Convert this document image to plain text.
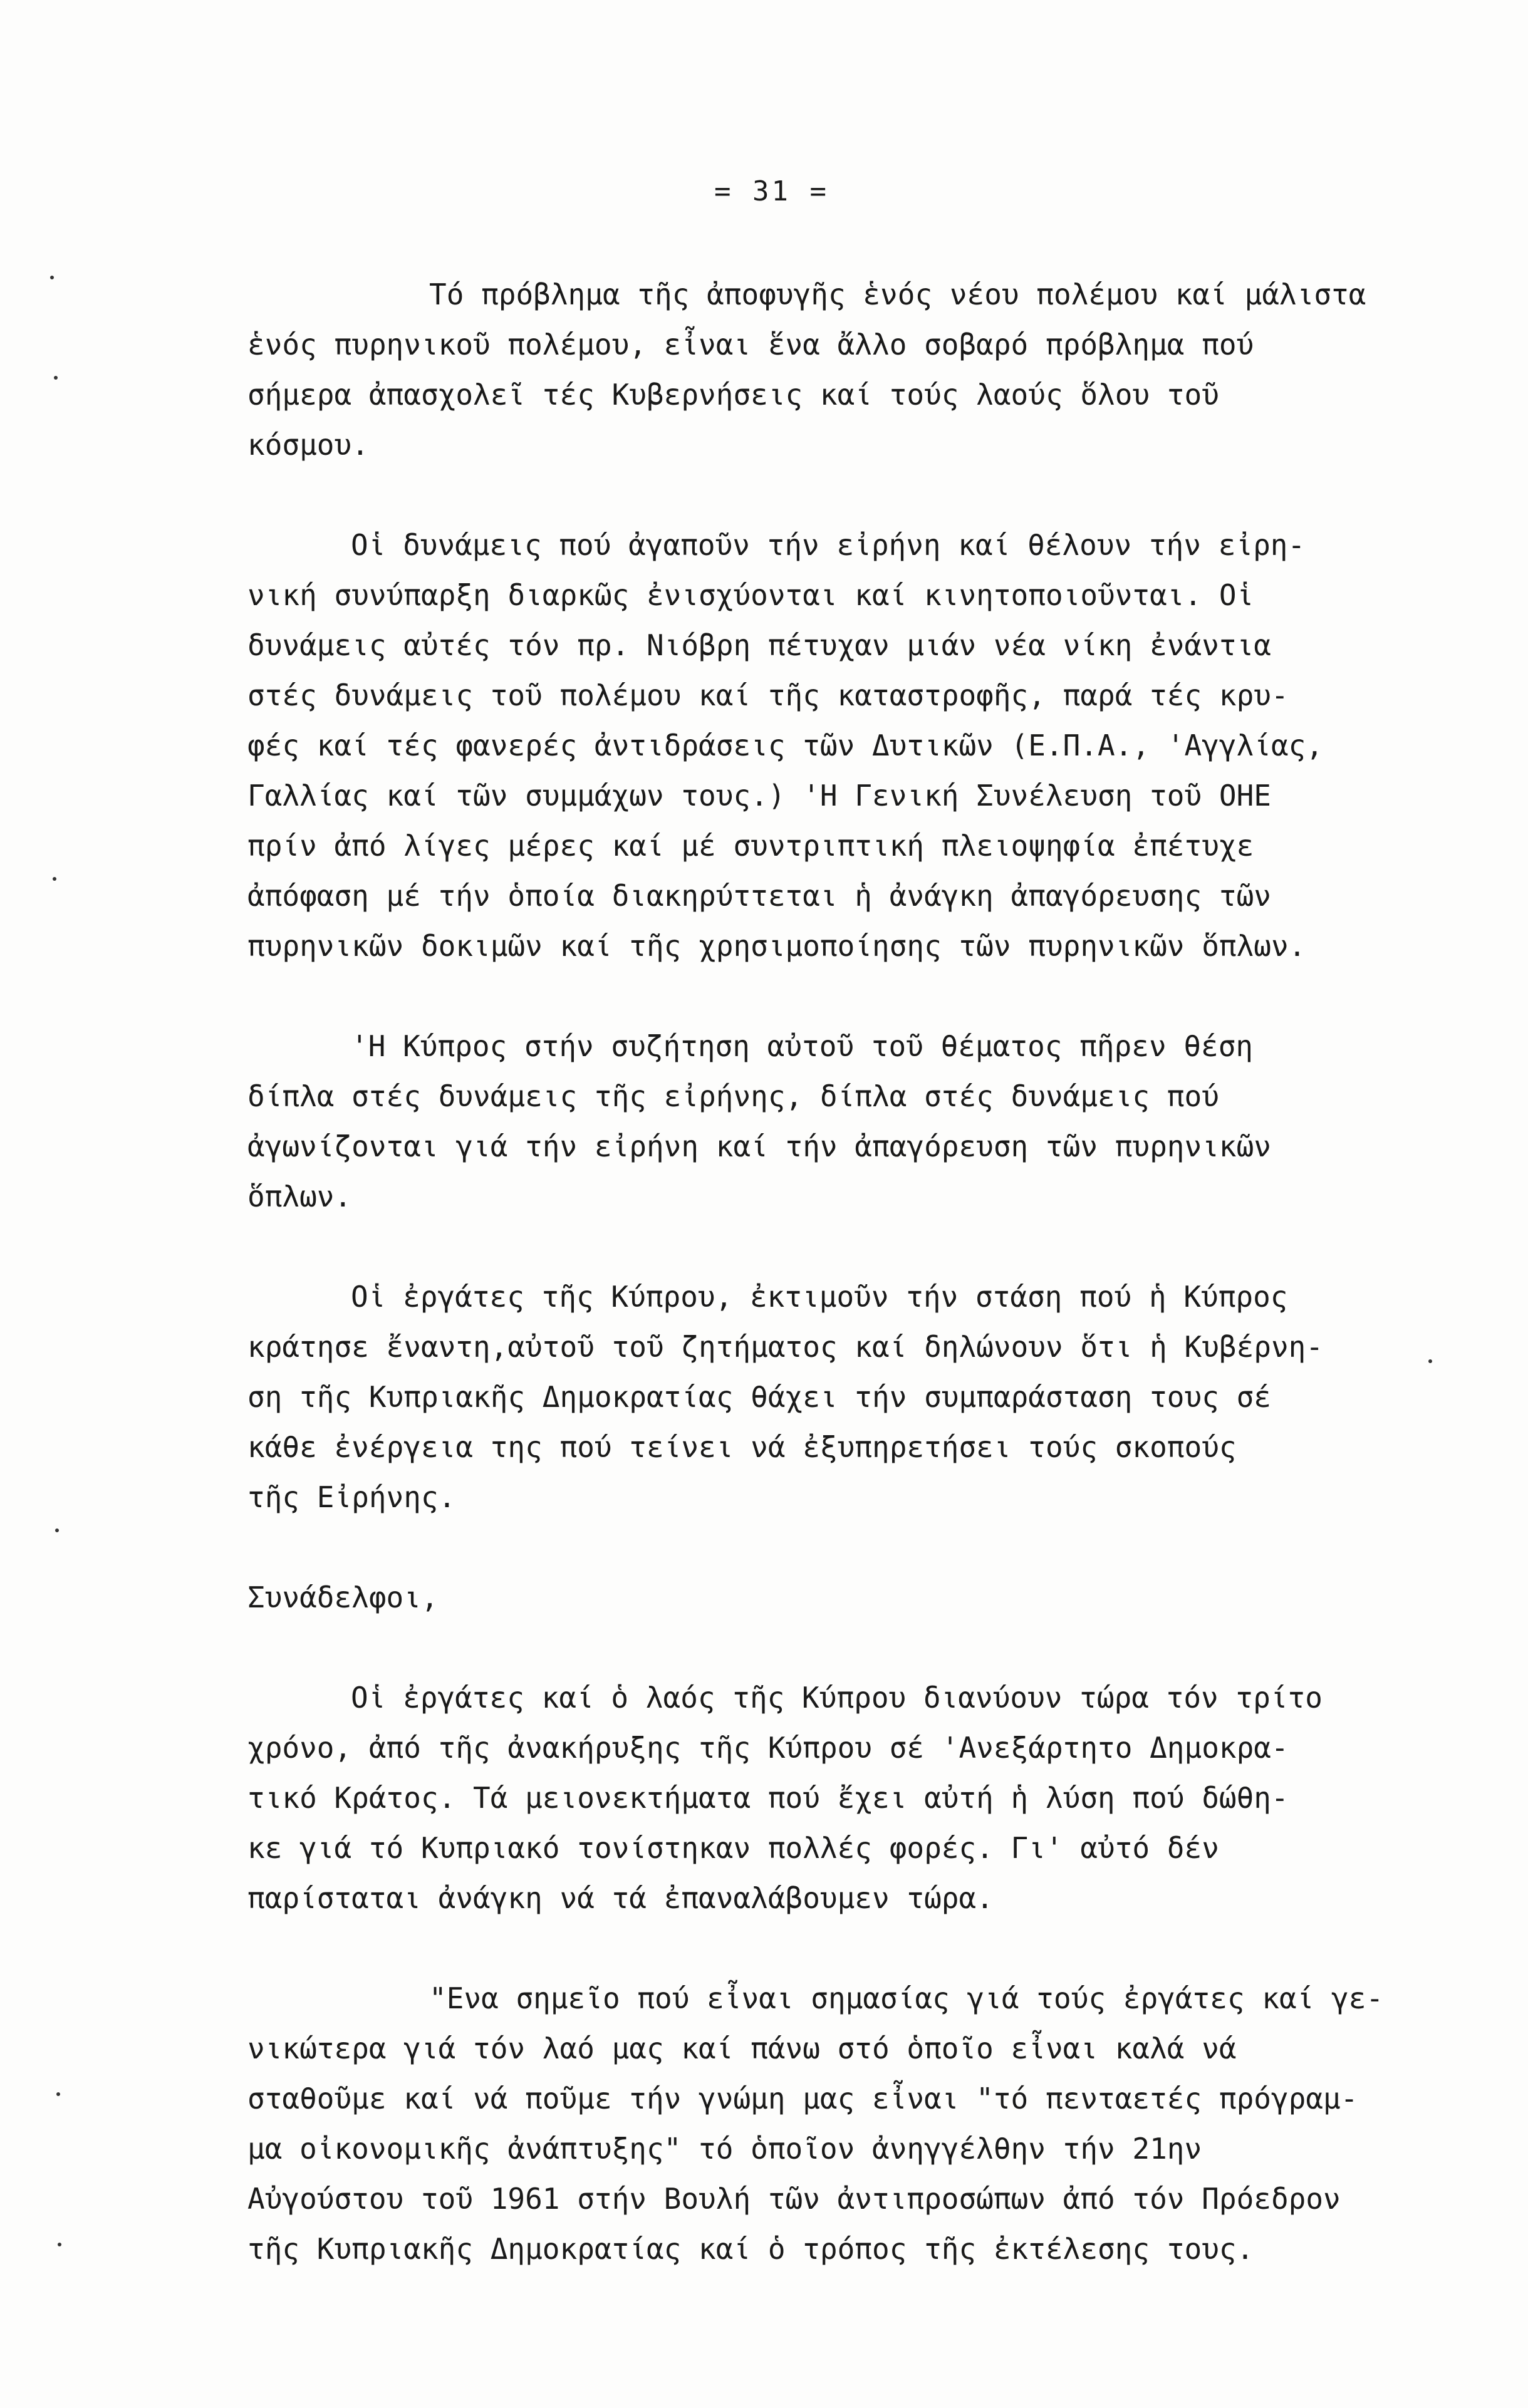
= 31 =
Τό πρόβλημα τῆς ἀποφυγῆς ἑνός νέου πολέμου καί μάλιστα
ἑνός πυρηνικοῦ πολέμου, εἶναι ἕνα ἄλλο σοβαρό πρόβλημα πού
σήμερα ἀπασχολεῖ τές Κυβερνήσεις καί τούς λαούς ὅλου τοῦ
κόσμου.
Οἱ δυνάμεις πού ἀγαποῦν τήν εἰρήνη καί θέλουν τήν εἰρη-
νική συνύπαρξη διαρκῶς ἐνισχύονται καί κινητοποιοῦνται. Οἱ
δυνάμεις αὐτές τόν πρ. Νιόβρη πέτυχαν μιάν νέα νίκη ἐνάντια
στές δυνάμεις τοῦ πολέμου καί τῆς καταστροφῆς, παρά τές κρυ-
φές καί τές φανερές ἀντιδράσεις τῶν Δυτικῶν (Ε.Π.Α., 'Αγγλίας,
Γαλλίας καί τῶν συμμάχων τους.) 'Η Γενική Συνέλευση τοῦ ΟΗΕ
πρίν ἀπό λίγες μέρες καί μέ συντριπτική πλειοψηφία ἐπέτυχε
ἀπόφαση μέ τήν ὁποία διακηρύττεται ἡ ἀνάγκη ἀπαγόρευσης τῶν
πυρηνικῶν δοκιμῶν καί τῆς χρησιμοποίησης τῶν πυρηνικῶν ὅπλων.
'Η Κύπρος στήν συζήτηση αὐτοῦ τοῦ θέματος πῆρεν θέση
δίπλα στές δυνάμεις τῆς εἰρήνης, δίπλα στές δυνάμεις πού
ἀγωνίζονται γιά τήν εἰρήνη καί τήν ἀπαγόρευση τῶν πυρηνικῶν
ὅπλων.
Οἱ ἐργάτες τῆς Κύπρου, ἐκτιμοῦν τήν στάση πού ἡ Κύπρος
κράτησε ἔναντη,αὐτοῦ τοῦ ζητήματος καί δηλώνουν ὅτι ἡ Κυβέρνη-
ση τῆς Κυπριακῆς Δημοκρατίας θάχει τήν συμπαράσταση τους σέ
κάθε ἐνέργεια της πού τείνει νά ἐξυπηρετήσει τούς σκοπούς
τῆς Εἰρήνης.
Συνάδελφοι,
Οἱ ἐργάτες καί ὁ λαός τῆς Κύπρου διανύουν τώρα τόν τρίτο
χρόνο, ἀπό τῆς ἀνακήρυξης τῆς Κύπρου σέ 'Ανεξάρτητο Δημοκρα-
τικό Κράτος. Τά μειονεκτήματα πού ἔχει αὐτή ἡ λύση πού δώθη-
κε γιά τό Κυπριακό τονίστηκαν πολλές φορές. Γι' αὐτό δέν
παρίσταται ἀνάγκη νά τά ἐπαναλάβουμεν τώρα.
"Ενα σημεῖο πού εἶναι σημασίας γιά τούς ἐργάτες καί γε-
νικώτερα γιά τόν λαό μας καί πάνω στό ὁποῖο εἶναι καλά νά
σταθοῦμε καί νά ποῦμε τήν γνώμη μας εἶναι "τό πενταετές πρόγραμ-
μα οἰκονομικῆς ἀνάπτυξης" τό ὁποῖον ἀνηγγέλθην τήν 21ην
Αὐγούστου τοῦ 1961 στήν Βουλή τῶν ἀντιπροσώπων ἀπό τόν Πρόεδρον
τῆς Κυπριακῆς Δημοκρατίας καί ὁ τρόπος τῆς ἐκτέλεσης τους.
